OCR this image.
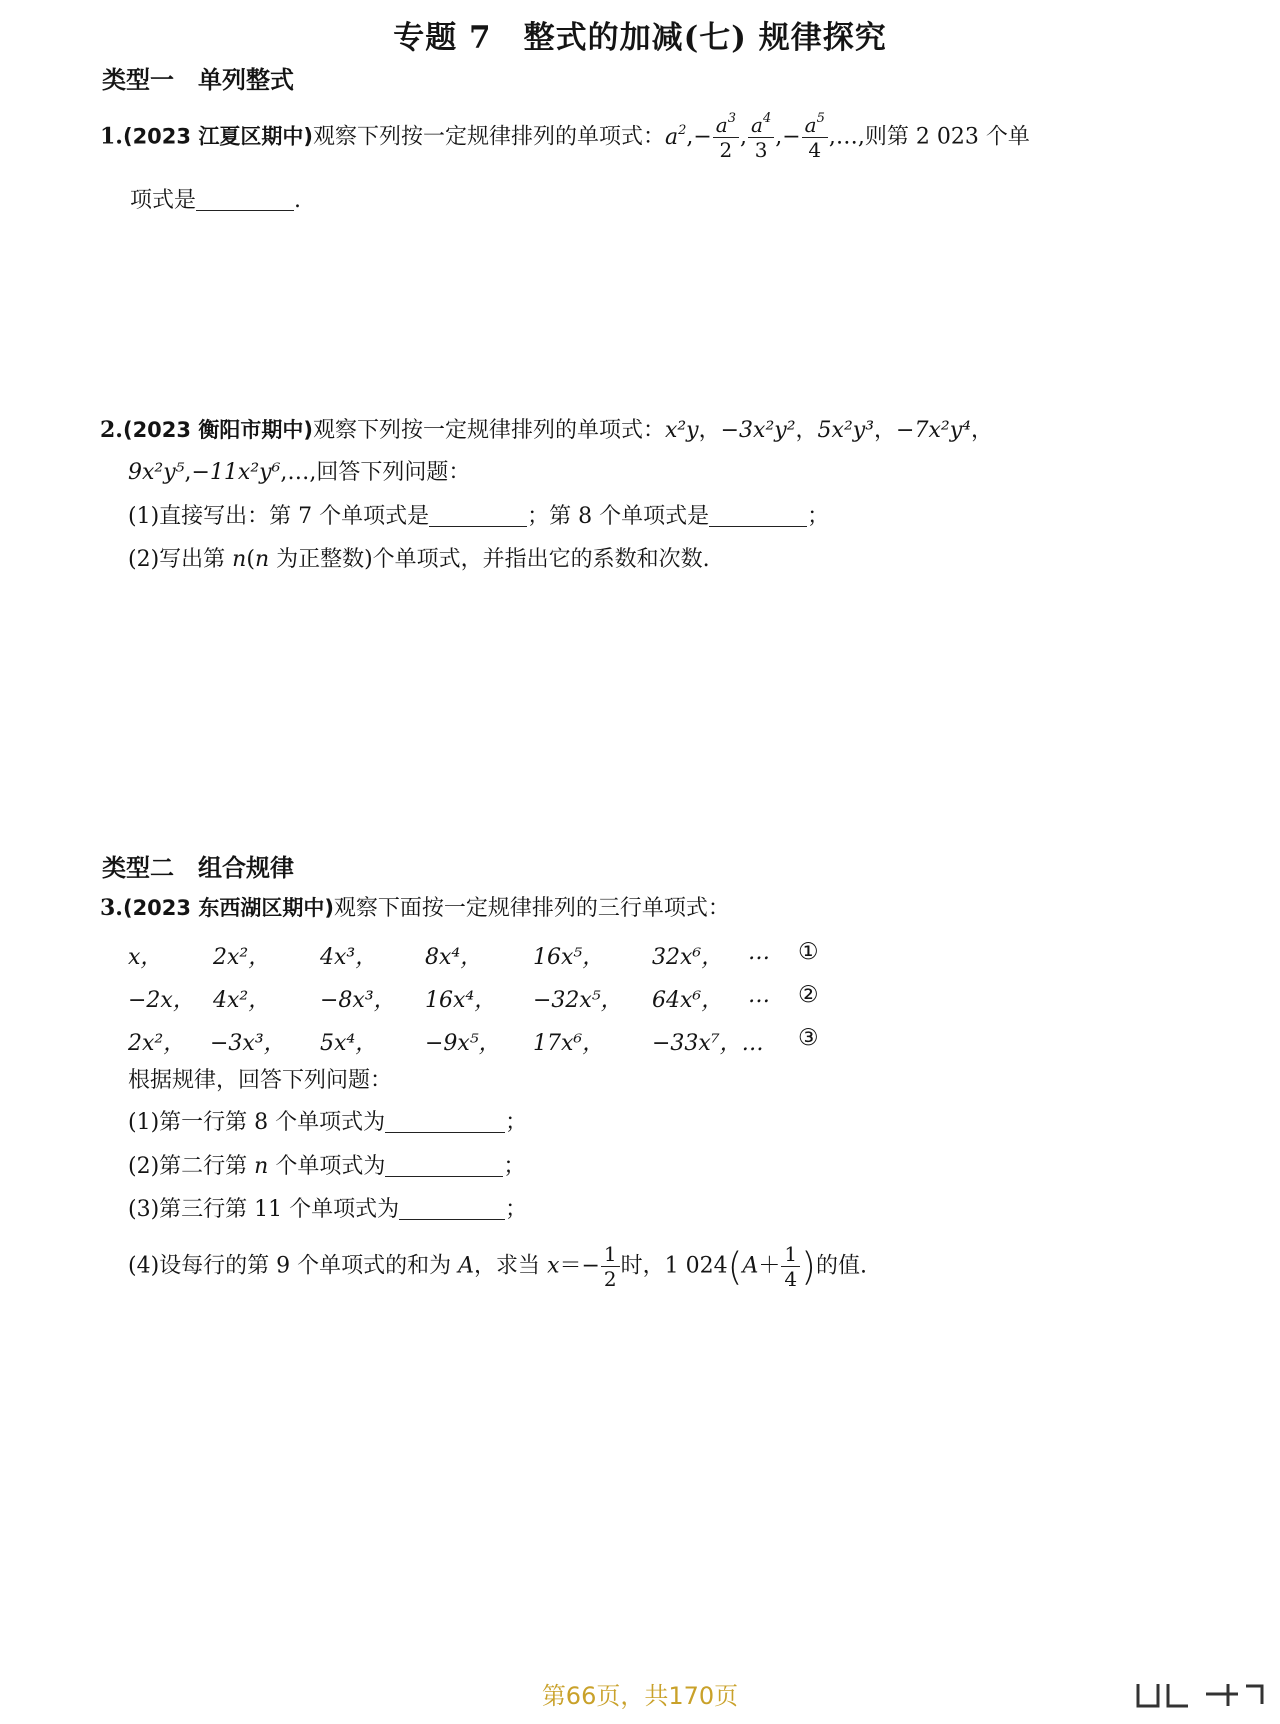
专题 7　整式的加减(七) 规律探究
类型一　单列整式
1.(2023 江夏区期中)观察下列按一定规律排列的单项式：$a^2,- \frac{a^3}{2}$ , $\frac{a^4}{3}$ ,− $\frac{a^5}{4}$ ,…,则第 2 023 个单
项式是	.
2.(2023 衡阳市期中)观察下列按一定规律排列的单项式：x²y，−3x²y²，5x²y³，−7x²y⁴，
9x²y⁵,−11x²y⁶,…,回答下列问题：
(1)直接写出：第 7 个单项式是	；第 8 个单项式是	；
(2)写出第 n(n 为正整数)个单项式，并指出它的系数和次数.
类型二　组合规律
3.(2023 东西湖区期中)观察下面按一定规律排列的三行单项式：
x， 2x²， 4x³， 8x⁴， 16x⁵， 32x⁶， … ①
−2x， 4x²， −8x³， 16x⁴， −32x⁵， 64x⁶， … ②
2x²， −3x³， 5x⁴， −9x⁵， 17x⁶， −33x⁷，… ③
根据规律，回答下列问题：
(1)第一行第 8 个单项式为	；
(2)第二行第 n 个单项式为	；
(3)第三行第 11 个单项式为	；
(4)设每行的第 9 个单项式的和为 A，求当 $x=- \frac{1}{2}$ 时，1 $024(A+ \frac{1}{4}$ )的值.
第66页，共170页
